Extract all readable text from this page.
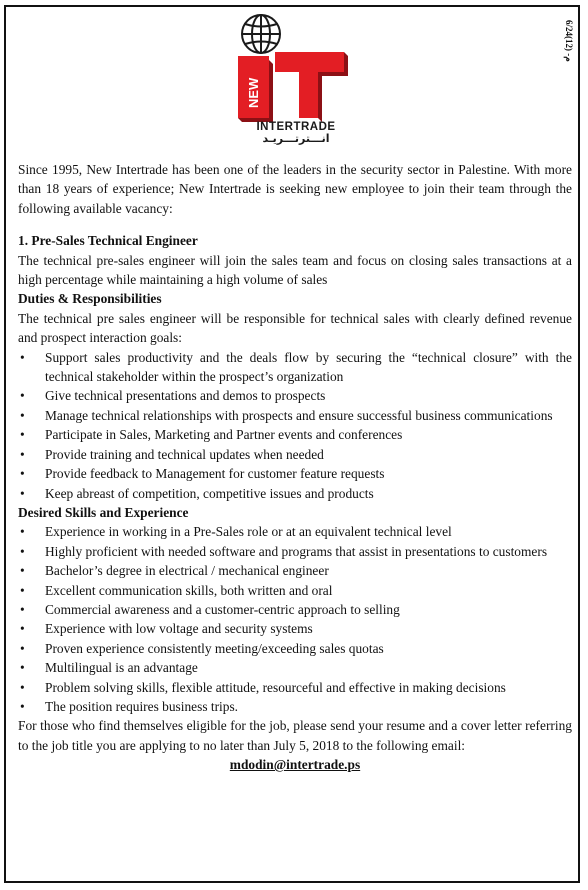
م- (12)6/24
NEW
INTERTRADE
انـــترتـــريـد

Since 1995, New Intertrade has been one of the leaders in the security sector in Palestine. With more than 18 years of experience; New Intertrade is seeking new employee to join their team through the following available vacancy:

1. Pre-Sales Technical Engineer

The technical pre-sales engineer will join the sales team and focus on closing sales transactions at a high percentage while maintaining a high volume of sales

Duties & Responsibilities

The technical pre sales engineer will be responsible for technical sales with clearly defined revenue and prospect interaction goals:

• Support sales productivity and the deals flow by securing the “technical closure” with the technical stakeholder within the prospect’s organization
• Give technical presentations and demos to prospects
• Manage technical relationships with prospects and ensure successful business communications
• Participate in Sales, Marketing and Partner events and conferences
• Provide training and technical updates when needed
• Provide feedback to Management for customer feature requests
• Keep abreast of competition, competitive issues and products

Desired Skills and Experience

• Experience in working in a Pre-Sales role or at an equivalent technical level
• Highly proficient with needed software and programs that assist in presentations to customers
• Bachelor’s degree in electrical / mechanical engineer
• Excellent communication skills, both written and oral
• Commercial awareness and a customer-centric approach to selling
• Experience with low voltage and security systems
• Proven experience consistently meeting/exceeding sales quotas
• Multilingual is an advantage
• Problem solving skills, flexible attitude, resourceful and effective in making decisions
• The position requires business trips.

For those who find themselves eligible for the job, please send your resume and a cover letter referring to the job title you are applying to no later than July 5, 2018 to the following email:

mdodin@intertrade.ps
